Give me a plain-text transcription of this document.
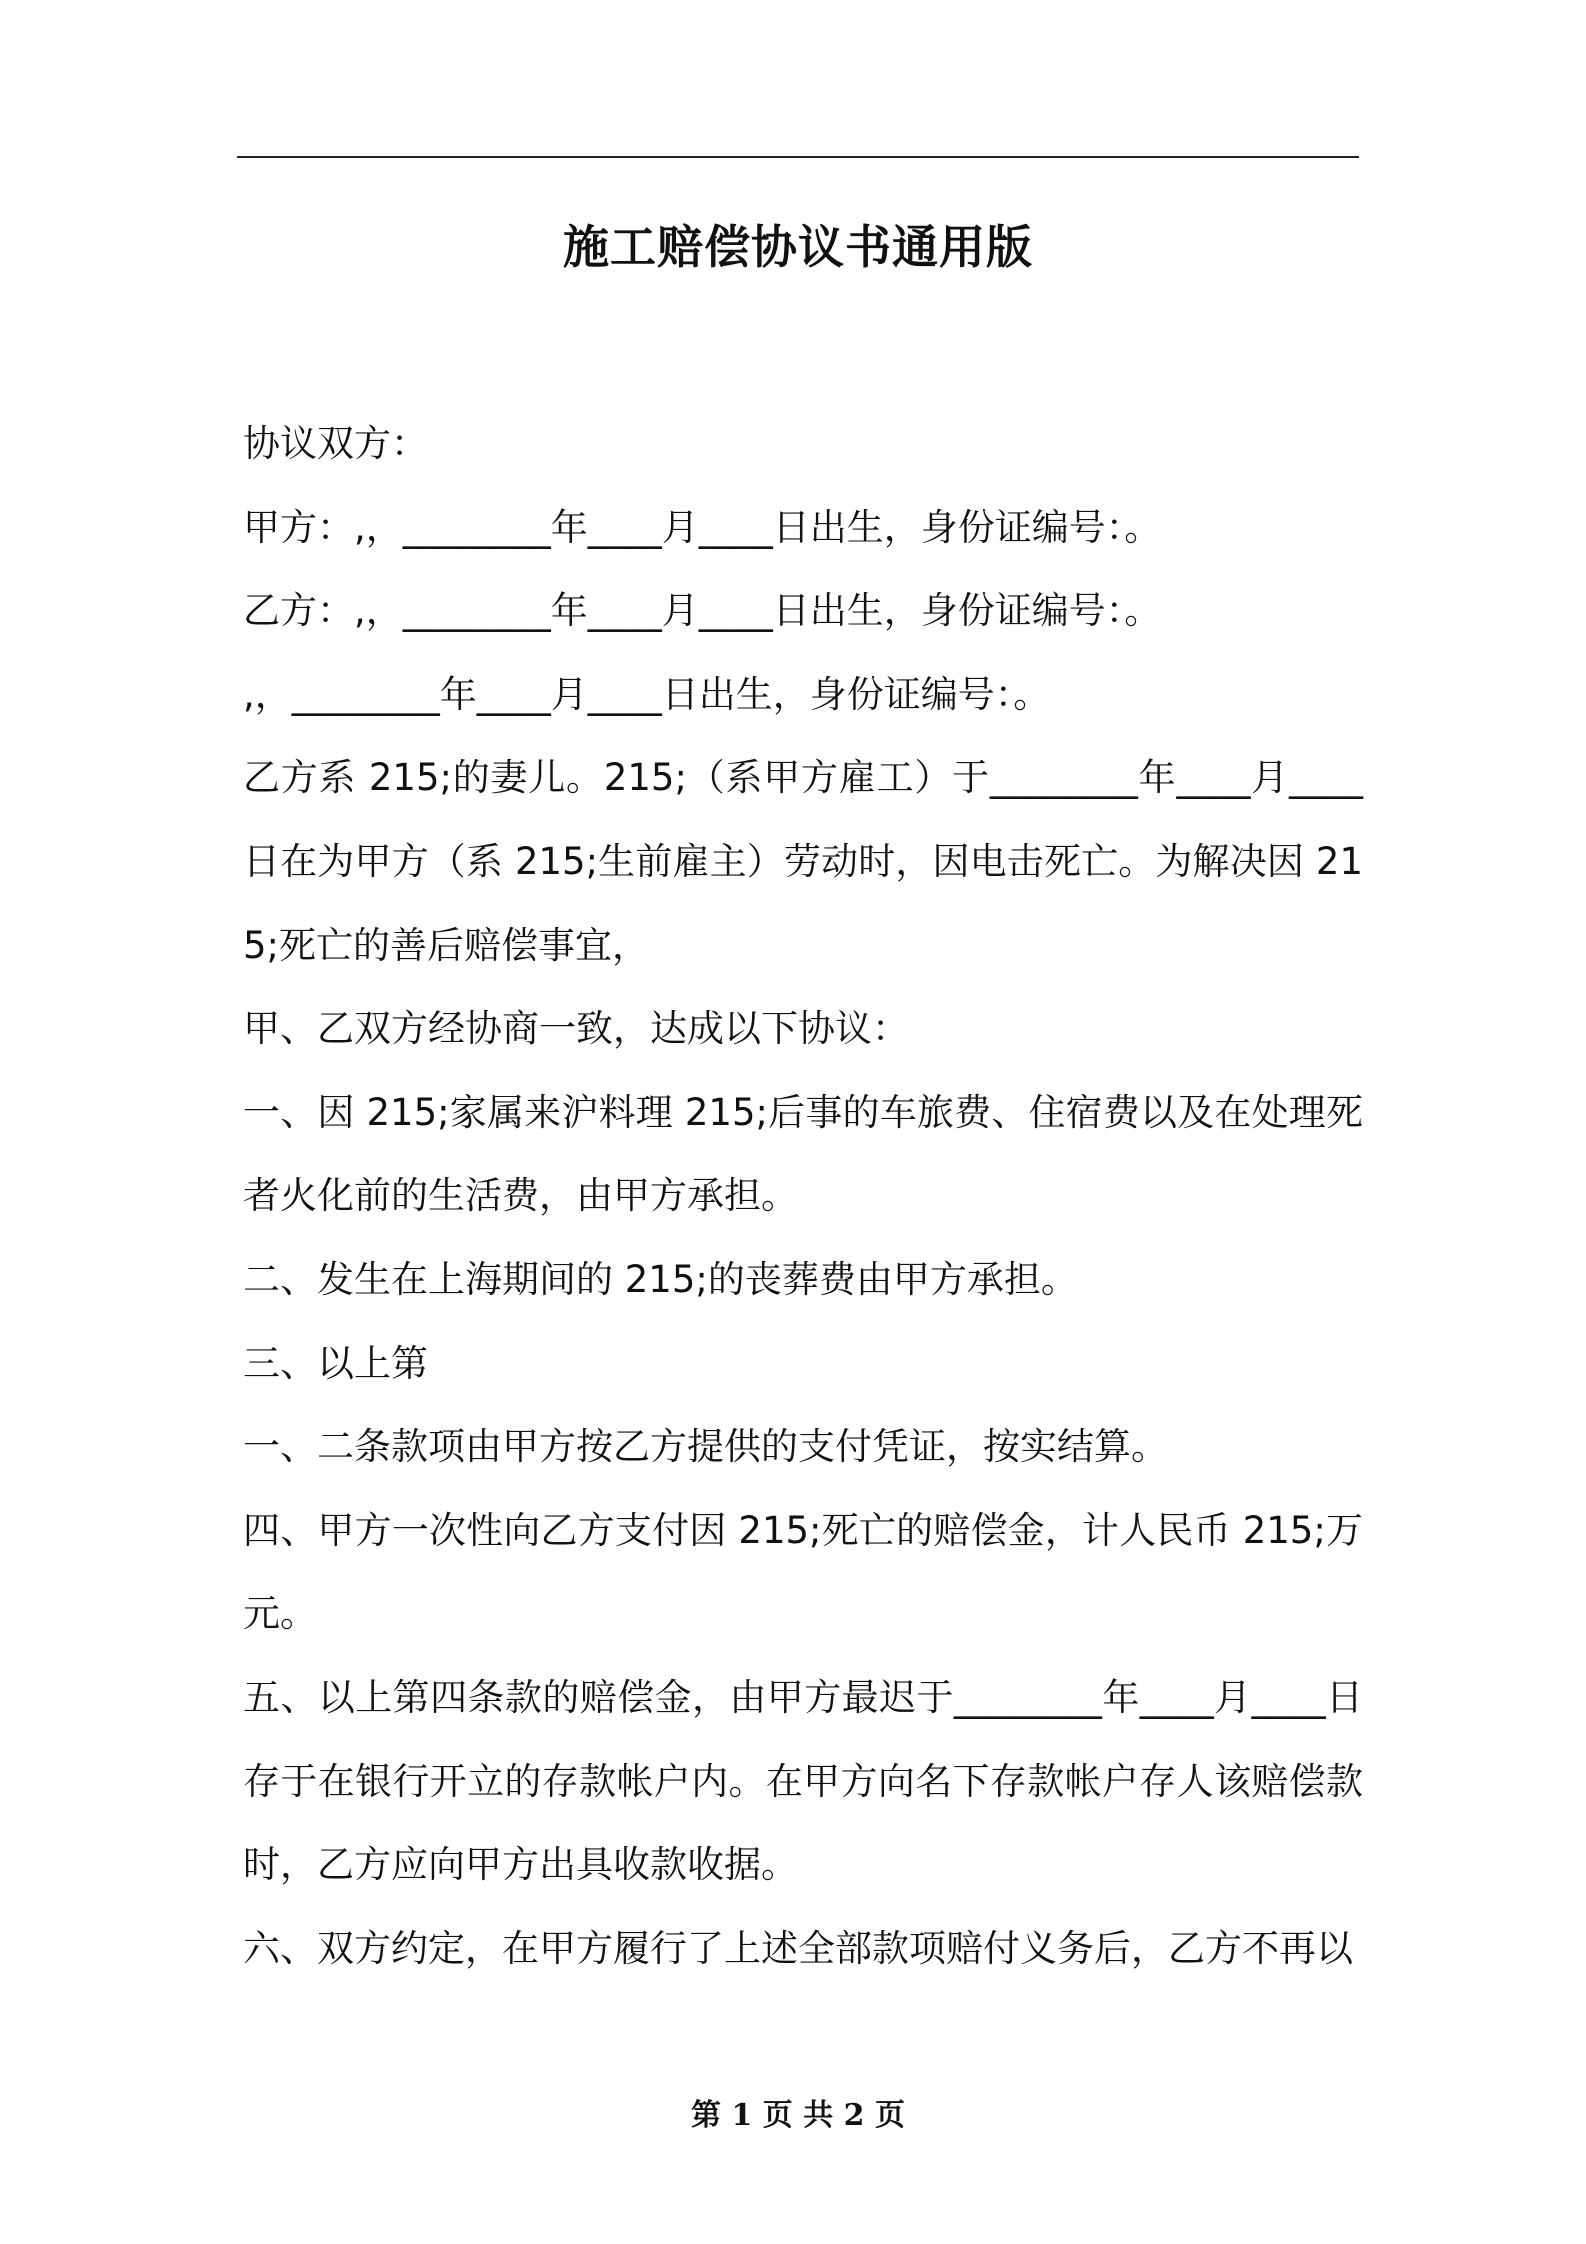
施工赔偿协议书通用版

协议双方：

甲方：,，________年____月____日出生，身份证编号：。

乙方：,，________年____月____日出生，身份证编号：。

,，________年____月____日出生，身份证编号：。

乙方系 215;的妻儿。215;（系甲方雇工）于________年____月____日在为甲方（系 215;生前雇主）劳动时，因电击死亡。为解决因 215;死亡的善后赔偿事宜，

甲、乙双方经协商一致，达成以下协议：

一、因 215;家属来沪料理 215;后事的车旅费、住宿费以及在处理死者火化前的生活费，由甲方承担。

二、发生在上海期间的 215;的丧葬费由甲方承担。

三、以上第

一、二条款项由甲方按乙方提供的支付凭证，按实结算。

四、甲方一次性向乙方支付因 215;死亡的赔偿金，计人民币 215;万元。

五、以上第四条款的赔偿金，由甲方最迟于________年____月____日存于在银行开立的存款帐户内。在甲方向名下存款帐户存人该赔偿款时，乙方应向甲方出具收款收据。

六、双方约定，在甲方履行了上述全部款项赔付义务后，乙方不再以

第 1 页 共 2 页
